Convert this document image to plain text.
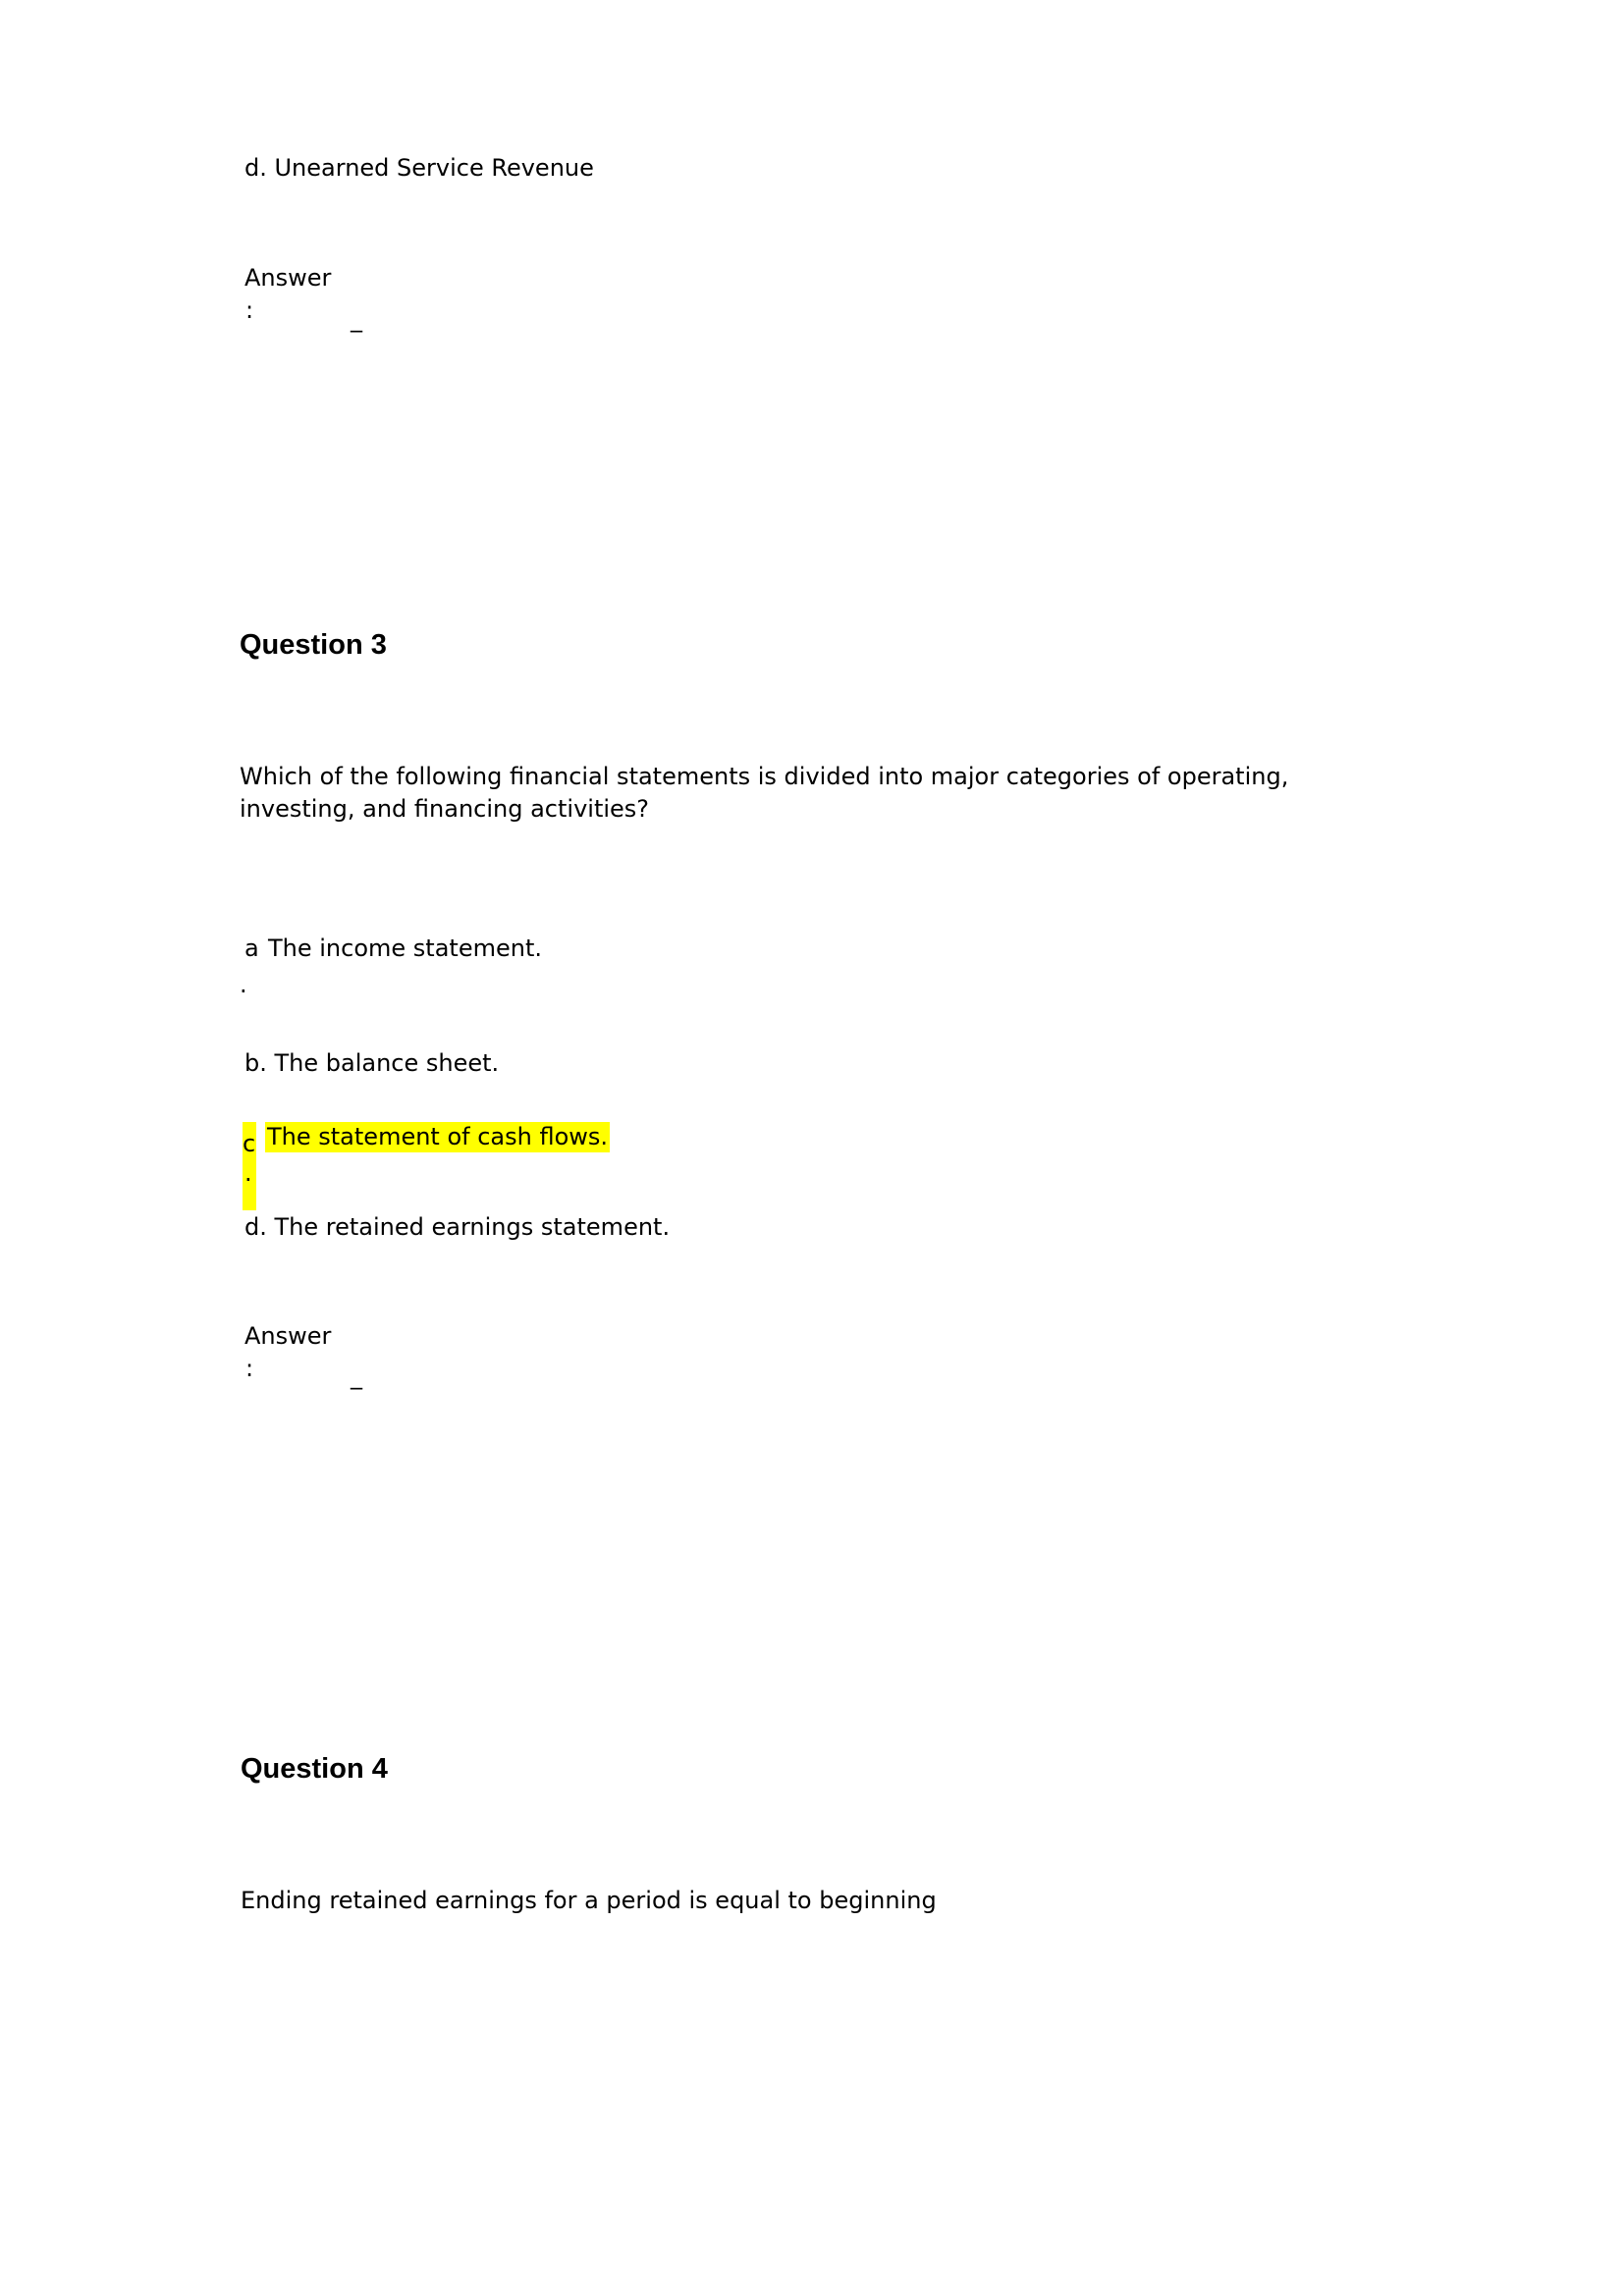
d. Unearned Service Revenue
Answer
:	_
Question 3
Which of the following financial statements is divided into major categories of operating,
investing, and financing activities?
a The income statement.
.
b. The balance sheet.
c
.
The statement of cash flows.
d. The retained earnings statement.
Answer
:	_
Question 4
Ending retained earnings for a period is equal to beginning
